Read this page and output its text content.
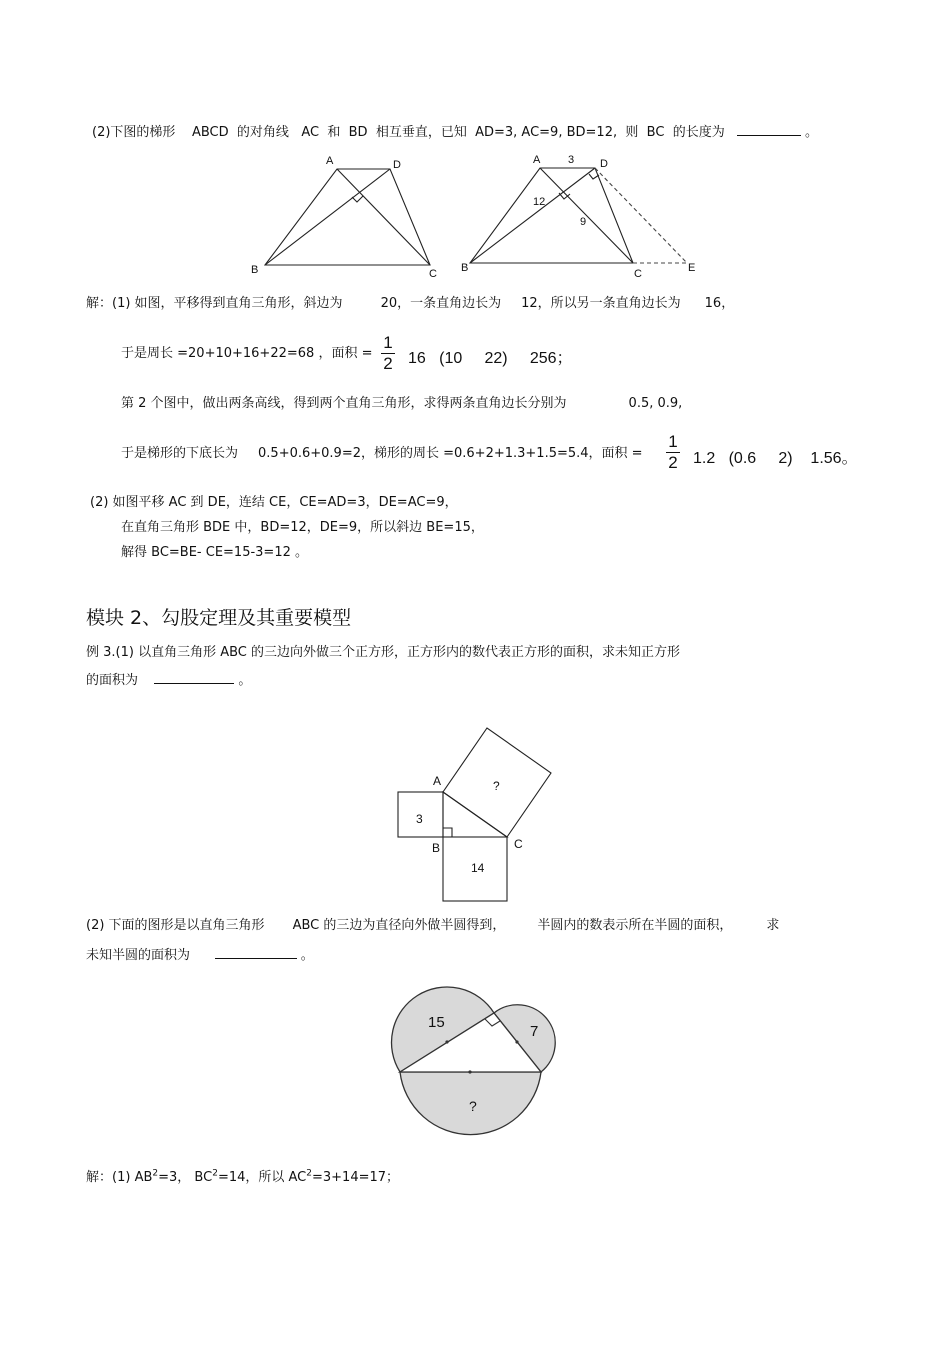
(2)下图的梯形 ABCD 的对角线 AC 和 BD 相互垂直，已知 AD=3, AC=9, BD=12, 则 BC 的长度为	。
A	D
B	C
A	3 D
12
9
B	C	E
解：(1) 如图，平移得到直角三角形，斜边为	20，一条直角边长为 12，所以另一条直角边长为 16，
于是周长 =20+10+16+22=68 ，面积 =
1
2 16 (10 22) 256；
第 2 个图中，做出两条高线，得到两个直角三角形，求得两条直角边长分别为	0.5, 0.9,
于是梯形的下底长为 0.5+0.6+0.9=2，梯形的周长 =0.6+2+1.3+1.5=5.4，面积 =
1
2 1.2 (0.6 2) 1.56。
(2) 如图平移 AC 到 DE，连结 CE，CE=AD=3，DE=AC=9，
在直角三角形 BDE 中，BD=12，DE=9，所以斜边 BE=15，
解得 BC=BE- CE=15-3=12 。
模块 2、勾股定理及其重要模型
例 3.(1) 以直角三角形 ABC 的三边向外做三个正方形，正方形内的数代表正方形的面积，求未知正方形
的面积为	。
A
B	C
3
14
?
(2) 下面的图形是以直角三角形 ABC 的三边为直径向外做半圆得到， 半圆内的数表示所在半圆的面积，	求
未知半圆的面积为	。
15
7
?
解：(1) $AB^2=3$， $BC^2=14$，所以 $AC^2=3+14=17$；
